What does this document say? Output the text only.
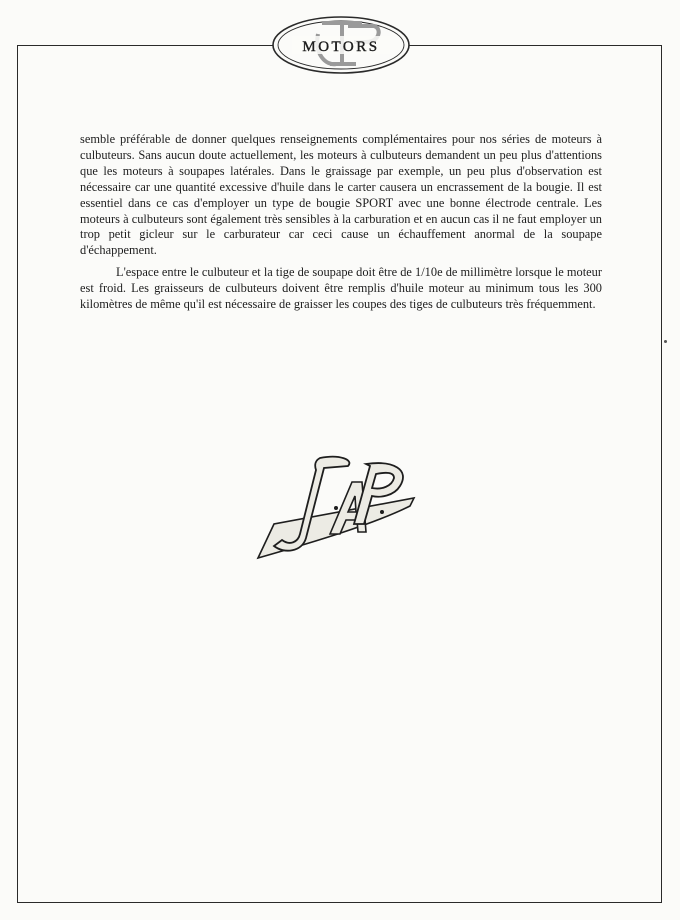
MOTORS

semble préférable de donner quelques renseignements complémentaires pour nos séries de moteurs à culbuteurs. Sans aucun doute actuellement, les moteurs à culbuteurs demandent un peu plus d'attentions que les moteurs à soupapes latérales. Dans le graissage par exemple, un peu plus d'observation est nécessaire car une quantité excessive d'huile dans le carter causera un encrassement de la bougie. Il est essentiel dans ce cas d'employer un type de bougie SPORT avec une bonne électrode centrale. Les moteurs à culbuteurs sont également très sensibles à la carburation et en aucun cas il ne faut employer un trop petit gicleur sur le carburateur car ceci cause un échauffement anormal de la soupape d'échappement.

L'espace entre le culbuteur et la tige de soupape doit être de 1/10e de millimètre lorsque le moteur est froid. Les graisseurs de culbuteurs doivent être remplis d'huile moteur au minimum tous les 300 kilomètres de même qu'il est nécessaire de graisser les coupes des tiges de culbuteurs très fréquemment.

JAP
